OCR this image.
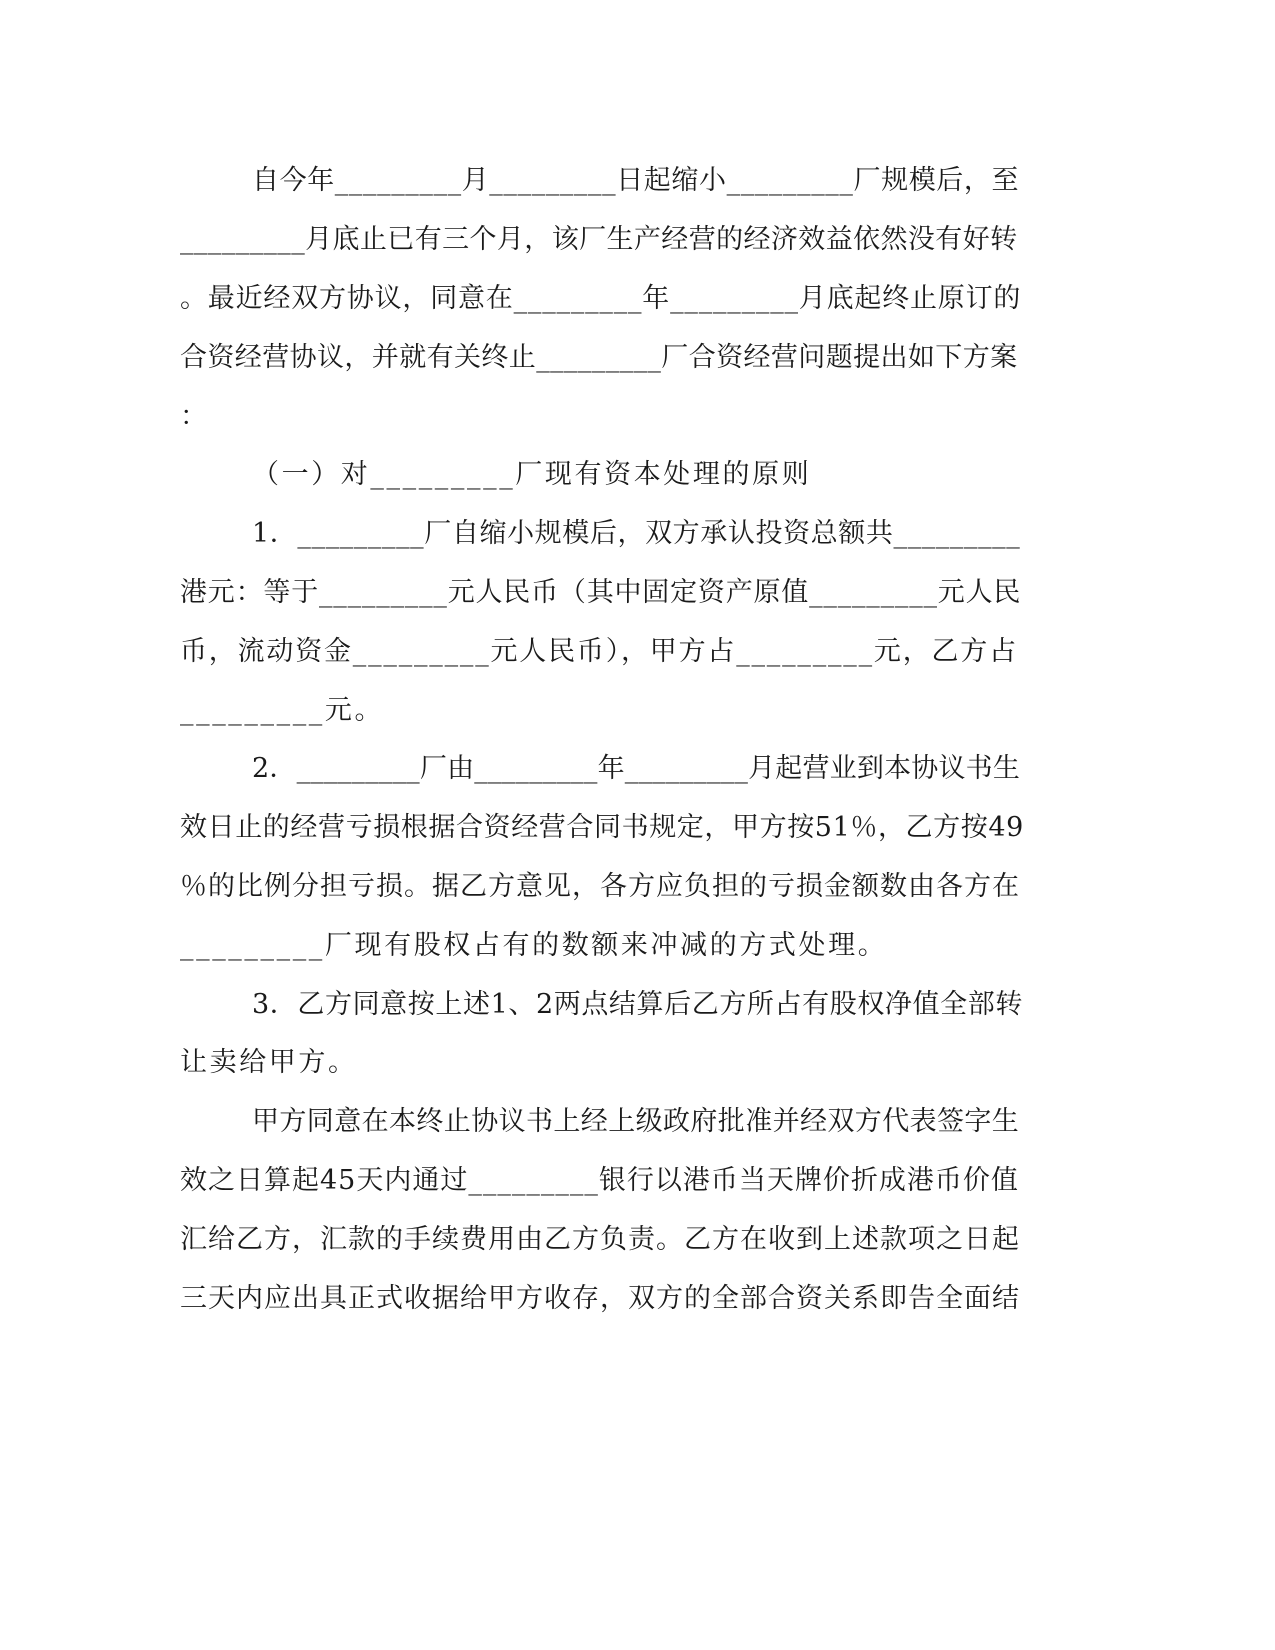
自今年_________月_________日起缩小_________厂规模后，至
_________月底止已有三个月，该厂生产经营的经济效益依然没有好转
。最近经双方协议，同意在_________年_________月底起终止原订的
合资经营协议，并就有关终止_________厂合资经营问题提出如下方案
：
（一）对_________厂现有资本处理的原则
1．_________厂自缩小规模后，双方承认投资总额共_________
港元：等于_________元人民币（其中固定资产原值_________元人民
币，流动资金_________元人民币），甲方占_________元，乙方占
_________元。
2．_________厂由_________年_________月起营业到本协议书生
效日止的经营亏损根据合资经营合同书规定，甲方按51％，乙方按49
％的比例分担亏损。据乙方意见，各方应负担的亏损金额数由各方在
_________厂现有股权占有的数额来冲减的方式处理。
3．乙方同意按上述1、2两点结算后乙方所占有股权净值全部转
让卖给甲方。
甲方同意在本终止协议书上经上级政府批准并经双方代表签字生
效之日算起45天内通过_________银行以港币当天牌价折成港币价值
汇给乙方，汇款的手续费用由乙方负责。乙方在收到上述款项之日起
三天内应出具正式收据给甲方收存，双方的全部合资关系即告全面结
